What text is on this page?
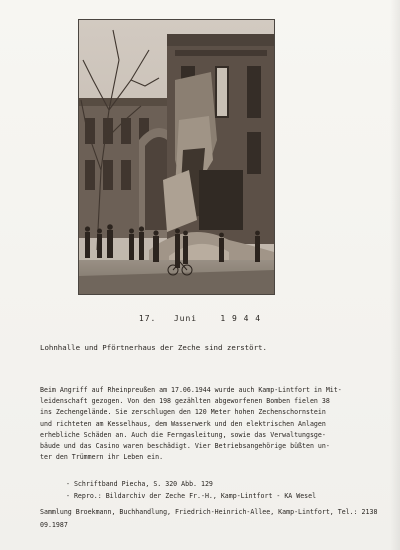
17.   Juni    1 9 4 4
Lohnhalle und Pförtnerhaus der Zeche sind zerstört.
Beim Angriff auf Rheinpreußen am 17.06.1944 wurde auch Kamp-Lintfort in Mit-
leidenschaft gezogen. Von den 198 gezählten abgeworfenen Bomben fielen 38
ins Zechengelände. Sie zerschlugen den 120 Meter hohen Zechenschornstein
und richteten am Kesselhaus, dem Wasserwerk und den elektrischen Anlagen
erhebliche Schäden an. Auch die Ferngasleitung, sowie das Verwaltungsge-
bäude und das Casino waren beschädigt. Vier Betriebsangehörige büßten un-
ter den Trümmern ihr Leben ein.
- Schriftband Piecha, S. 320 Abb. 129
- Repro.: Bildarchiv der Zeche Fr.-H., Kamp-Lintfort - KA Wesel
Sammlung Broekmann, Buchhandlung, Friedrich-Heinrich-Allee, Kamp-Lintfort, Tel.: 2138
09.1987
